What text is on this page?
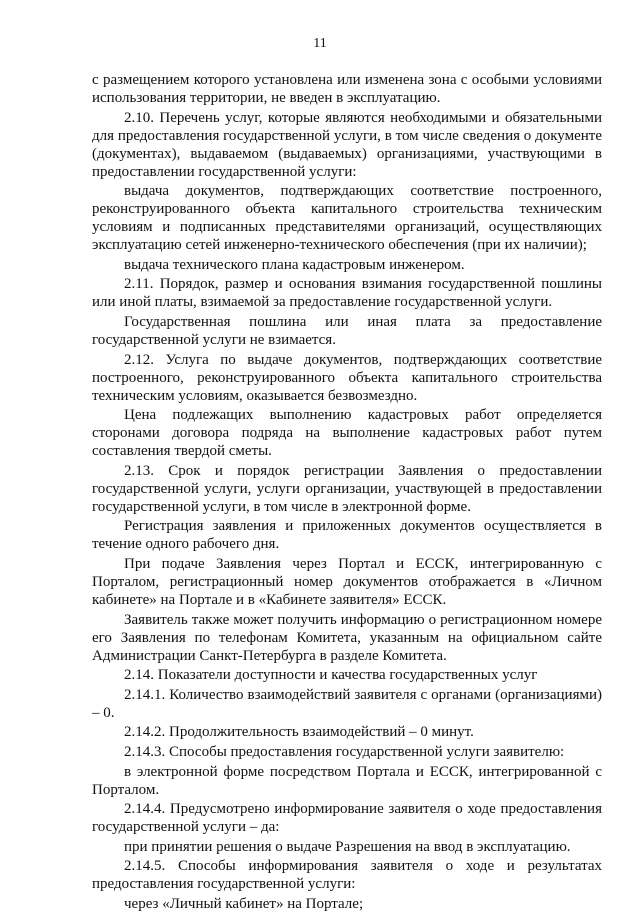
11

с размещением которого установлена или изменена зона с особыми условиями использования территории, не введен в эксплуатацию.

2.10. Перечень услуг, которые являются необходимыми и обязательными для предоставления государственной услуги, в том числе сведения о документе (документах), выдаваемом (выдаваемых) организациями, участвующими в предоставлении государственной услуги:

выдача документов, подтверждающих соответствие построенного, реконструированного объекта капитального строительства техническим условиям и подписанных представителями организаций, осуществляющих эксплуатацию сетей инженерно-технического обеспечения (при их наличии);

выдача технического плана кадастровым инженером.

2.11. Порядок, размер и основания взимания государственной пошлины или иной платы, взимаемой за предоставление государственной услуги.

Государственная пошлина или иная плата за предоставление государственной услуги не взимается.

2.12. Услуга по выдаче документов, подтверждающих соответствие построенного, реконструированного объекта капитального строительства техническим условиям, оказывается безвозмездно.

Цена подлежащих выполнению кадастровых работ определяется сторонами договора подряда на выполнение кадастровых работ путем составления твердой сметы.

2.13. Срок и порядок регистрации Заявления о предоставлении государственной услуги, услуги организации, участвующей в предоставлении государственной услуги, в том числе в электронной форме.

Регистрация заявления и приложенных документов осуществляется в течение одного рабочего дня.

При подаче Заявления через Портал и ЕССК, интегрированную с Порталом, регистрационный номер документов отображается в «Личном кабинете» на Портале и в «Кабинете заявителя» ЕССК.

Заявитель также может получить информацию о регистрационном номере его Заявления по телефонам Комитета, указанным на официальном сайте Администрации Санкт-Петербурга в разделе Комитета.

2.14. Показатели доступности и качества государственных услуг

2.14.1. Количество взаимодействий заявителя с органами (организациями) – 0.

2.14.2. Продолжительность взаимодействий – 0 минут.

2.14.3. Способы предоставления государственной услуги заявителю:

в электронной форме посредством Портала и ЕССК, интегрированной с Порталом.

2.14.4. Предусмотрено информирование заявителя о ходе предоставления государственной услуги – да:

при принятии решения о выдаче Разрешения на ввод в эксплуатацию.

2.14.5. Способы информирования заявителя о ходе и результатах предоставления государственной услуги:

через «Личный кабинет» на Портале;
